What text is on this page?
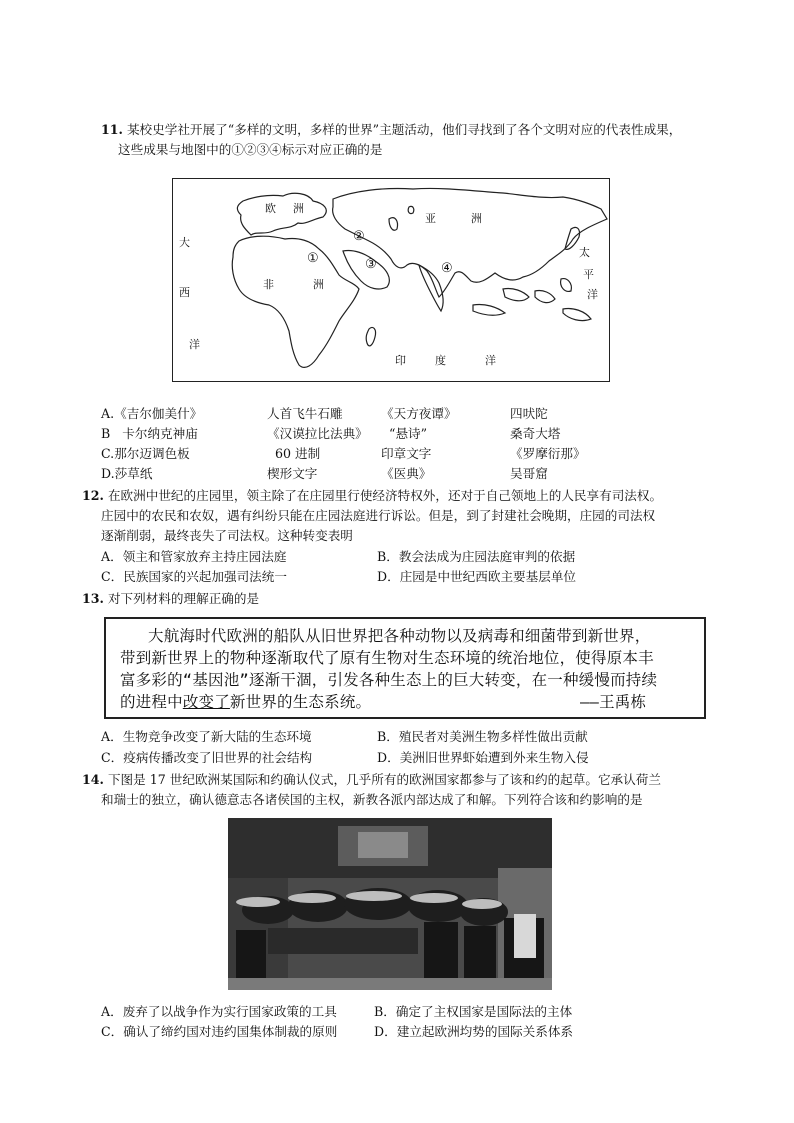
11. 某校史学社开展了“多样的文明，多样的世界”主题活动，他们寻找到了各个文明对应的代表性成果，
这些成果与地图中的①②③④标示对应正确的是
欧 洲
亚	洲
非	洲
大
西
洋
太
平
洋
印	度	洋
①
②
③	④
A.《吉尔伽美什》	人首飞牛石雕	《天方夜谭》	四吠陀
B 卡尔纳克神庙	《汉谟拉比法典》	“悬诗”	桑奇大塔
C.那尔迈调色板	60 进制	印章文字	《罗摩衍那》
D.莎草纸	楔形文字	《医典》	吴哥窟
12. 在欧洲中世纪的庄园里，领主除了在庄园里行使经济特权外，还对于自己领地上的人民享有司法权。
庄园中的农民和农奴，遇有纠纷只能在庄园法庭进行诉讼。但是，到了封建社会晚期，庄园的司法权
逐渐削弱，最终丧失了司法权。这种转变表明
A．领主和管家放弃主持庄园法庭	B．教会法成为庄园法庭审判的依据
C．民族国家的兴起加强司法统一	D．庄园是中世纪西欧主要基层单位
13. 对下列材料的理解正确的是
大航海时代欧洲的船队从旧世界把各种动物以及病毒和细菌带到新世界，
带到新世界上的物种逐渐取代了原有生物对生态环境的统治地位，使得原本丰
富多彩的“基因池”逐渐干涸，引发各种生态上的巨大转变，在一种缓慢而持续
的进程中改变了新世界的生态系统。	——王禹栋
A．生物竞争改变了新大陆的生态环境	B．殖民者对美洲生物多样性做出贡献
C．疫病传播改变了旧世界的社会结构	D．美洲旧世界虾始遭到外来生物入侵
14. 下图是 17 世纪欧洲某国际和约确认仪式，几乎所有的欧洲国家都参与了该和约的起草。它承认荷兰
和瑞士的独立，确认德意志各诸侯国的主权，新教各派内部达成了和解。下列符合该和约影响的是
A．废弃了以战争作为实行国家政策的工具	B．确定了主权国家是国际法的主体
C．确认了缔约国对违约国集体制裁的原则	D．建立起欧洲均势的国际关系体系
